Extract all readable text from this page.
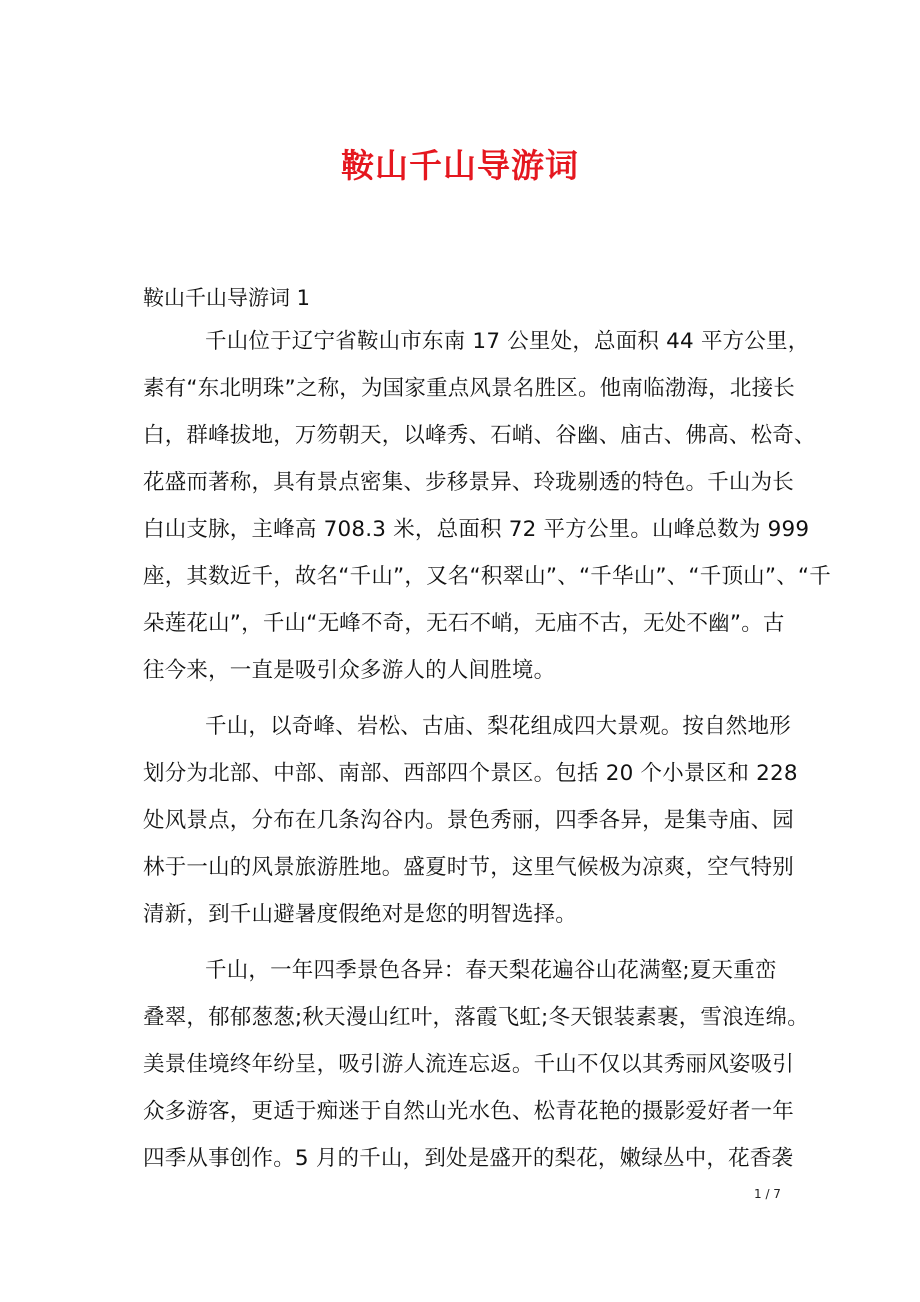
鞍山千山导游词
鞍山千山导游词 1
千山位于辽宁省鞍山市东南 17 公里处，总面积 44 平方公里，
素有“东北明珠”之称，为国家重点风景名胜区。他南临渤海，北接长
白，群峰拔地，万笏朝天，以峰秀、石峭、谷幽、庙古、佛高、松奇、
花盛而著称，具有景点密集、步移景异、玲珑剔透的特色。千山为长
白山支脉，主峰高 708.3 米，总面积 72 平方公里。山峰总数为 999
座，其数近千，故名“千山”，又名“积翠山”、“千华山”、“千顶山”、“千
朵莲花山”，千山“无峰不奇，无石不峭，无庙不古，无处不幽”。古
往今来，一直是吸引众多游人的人间胜境。
千山，以奇峰、岩松、古庙、梨花组成四大景观。按自然地形
划分为北部、中部、南部、西部四个景区。包括 20 个小景区和 228
处风景点，分布在几条沟谷内。景色秀丽，四季各异，是集寺庙、园
林于一山的风景旅游胜地。盛夏时节，这里气候极为凉爽，空气特别
清新，到千山避暑度假绝对是您的明智选择。
千山，一年四季景色各异：春天梨花遍谷山花满壑;夏天重峦
叠翠，郁郁葱葱;秋天漫山红叶，落霞飞虹;冬天银装素裹，雪浪连绵。
美景佳境终年纷呈，吸引游人流连忘返。千山不仅以其秀丽风姿吸引
众多游客，更适于痴迷于自然山光水色、松青花艳的摄影爱好者一年
四季从事创作。5 月的千山，到处是盛开的梨花，嫩绿丛中，花香袭
1 / 7
